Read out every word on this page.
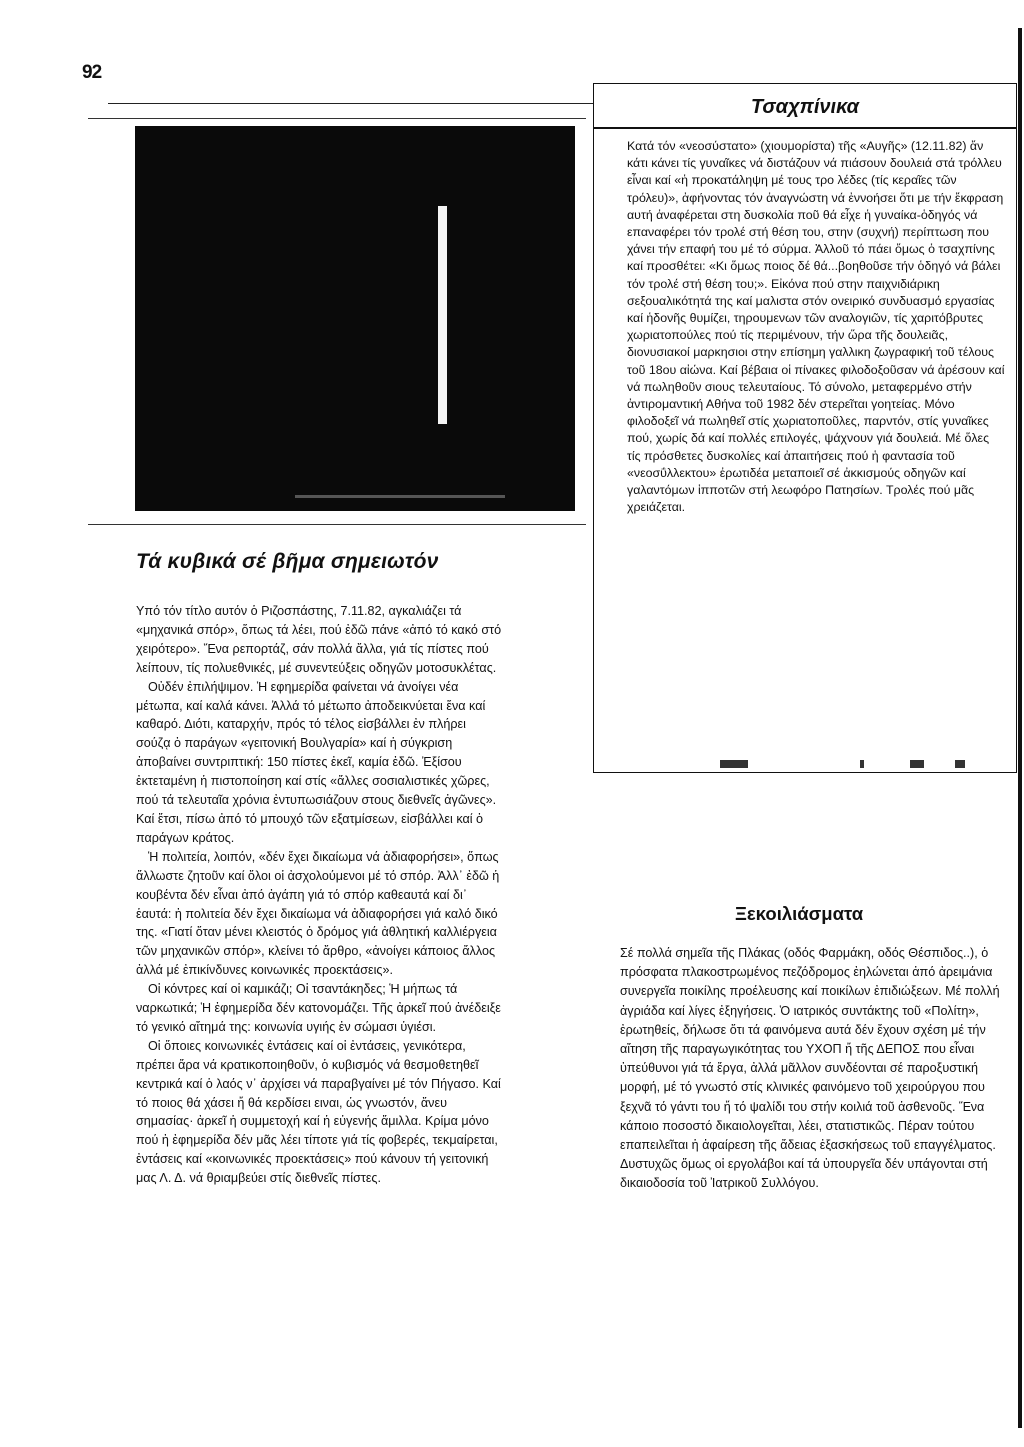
92
Τά κυβικά σέ βῆμα σημειωτόν

Υπό τόν τίτλο αυτόν ὁ Ριζοσπάστης, 7.11.82, αγκαλιάζει τά «μηχανικά σπόρ», ὅπως τά λέει, πού ἐδῶ πάνε «ἀπό τό κακό στό χειρότερο». Ἕνα ρεπορτάζ, σάν πολλά ἄλλα, γιά τίς πίστες πού λείπουν, τίς πολυεθνικές, μέ συνεντεύξεις οδηγῶν μοτοσυκλέτας.

Οὐδέν ἐπιλήψιμον. Ἡ εφημερίδα φαίνεται νά ἀνοίγει νέα μέτωπα, καί καλά κάνει. Ἀλλά τό μέτωπο ἀποδεικνύεται ἕνα καί καθαρό. Διότι, καταρχήν, πρός τό τέλος εἰσβάλλει ἐν πλήρει σούζᾳ ὁ παράγων «γειτονική Βουλγαρία» καί ἡ σύγκριση ἀποβαίνει συντριπτική: 150 πίστες ἐκεῖ, καμία ἐδῶ. Ἐξίσου ἐκτεταμένη ἡ πιστοποίηση καί στίς «ἄλλες σοσιαλιστικές χῶρες, πού τά τελευταῖα χρόνια ἐντυπωσιάζουν στους διεθνεῖς ἀγῶνες». Καί ἔτσι, πίσω ἀπό τό μπουχό τῶν εξατμίσεων, εἰσβάλλει καί ὁ παράγων κράτος.

Ἡ πολιτεία, λοιπόν, «δέν ἔχει δικαίωμα νά ἀδιαφορήσει», ὅπως ἄλλωστε ζητοῦν καί ὅλοι οἱ ἀσχολούμενοι μέ τό σπόρ. Ἀλλ᾽ ἐδῶ ἡ κουβέντα δέν εἶναι ἀπό ἀγάπη γιά τό σπόρ καθεαυτά καί δι᾽ ἑαυτά: ἡ πολιτεία δέν ἔχει δικαίωμα νά ἀδιαφορήσει γιά καλό δικό της. «Γιατί ὅταν μένει κλειστός ὁ δρόμος γιά ἀθλητική καλλιέργεια τῶν μηχανικῶν σπόρ», κλείνει τό ἄρθρο, «ἀνοίγει κάποιος ἄλλος ἀλλά μέ ἐπικίνδυνες κοινωνικές προεκτάσεις».

Οἱ κόντρες καί οἱ καμικάζι; Οἱ τσαντάκηδες; Ἡ μήπως τά ναρκωτικά; Ἡ ἐφημερίδα δέν κατονομάζει. Τῆς ἀρκεῖ πού ἀνέδειξε τό γενικό αἴτημά της: κοινωνία υγιής ἐν σώμασι ὑγιέσι.

Οἱ ὅποιες κοινωνικές ἐντάσεις καί οἱ ἐντάσεις, γενικότερα, πρέπει ἄρα νά κρατικοποιηθοῦν, ὁ κυβισμός νά θεσμοθετηθεῖ κεντρικά καί ὁ λαός ν᾽ ἀρχίσει νά παραβγαίνει μέ τόν Πήγασο. Καί τό ποιος θά χάσει ἤ θά κερδίσει ειναι, ὡς γνωστόν, ἄνευ σημασίας· ἀρκεῖ ἡ συμμετοχή καί ἡ εὐγενής ἅμιλλα. Κρίμα μόνο πού ἡ ἐφημερίδα δέν μᾶς λέει τίποτε γιά τίς φοβερές, τεκμαίρεται, ἐντάσεις καί «κοινωνικές προεκτάσεις» πού κάνουν τή γειτονική μας Λ. Δ. νά θριαμβεύει στίς διεθνεῖς πίστες.

Τσαχπίνικα

Κατά τόν «νεοσύστατο» (χιουμορίστα) τῆς «Αυγῆς» (12.11.82) ἄν κάτι κάνει τίς γυναῖκες νά διστάζουν νά πιάσουν δουλειά στά τρόλλευ εἶναι καί «ἡ προκατάληψη μέ τους τρο λέδες (τίς κεραῖες τῶν τρόλευ)», ἀφήνοντας τόν ἀναγνώστη νά ἐννοήσει ὅτι με τήν ἔκφραση αυτή ἀναφέρεται στη δυσκολία ποῦ θά εἶχε ἡ γυναίκα-ὁδηγός νά επαναφέρει τόν τρολέ στή θέση του, στην (συχνή) περίπτωση που χάνει τήν επαφή του μέ τό σύρμα. Ἀλλοῦ τό πάει ὅμως ὁ τσαχπίνης καί προσθέτει: «Κι ὅμως ποιος δέ θά...βοηθοῦσε τήν ὁδηγό νά βάλει τόν τρολέ στή θέση του;». Εἰκόνα πού στην παιχνιδιάρικη σεξουαλικότητά της καί μαλιστα στόν ονειρικό συνδυασμό εργασίας καί ἡδονῆς θυμίζει, τηρουμενων τῶν αναλογιῶν, τίς χαριτόβρυτες χωριατοπούλες πού τίς περιμένουν, τήν ὥρα τῆς δουλειᾶς, διονυσιακοί μαρκησιοι στην επίσημη γαλλικη ζωγραφική τοῦ τέλους τοῦ 18ου αἰώνα. Καί βέβαια οἱ πίνακες φιλοδοξοῦσαν νά ἀρέσουν καί νά πωληθοῦν σιους τελευταίους. Τό σύνολο, μεταφερμένο στήν ἀντιρομαντική Αθήνα τοῦ 1982 δέν στερεῖται γοητείας. Μόνο φιλοδοξεῖ νά πωληθεῖ στίς χωριατοποῦλες, παρντόν, στίς γυναῖκες πού, χωρίς δά καί πολλές επιλογές, ψάχνουν γιά δουλειά. Μέ ὅλες τίς πρόσθετες δυσκολίες καί ἀπαιτήσεις πού ἡ φαντασία τοῦ «νεοσΰλλεκτου» ἐρωτιδέα μεταποιεῖ σέ ἀκκισμούς οδηγῶν καί γαλαντόμων ἱπποτῶν στή λεωφόρο Πατησίων. Τρολές πού μᾶς χρειάζεται.

Ξεκοιλιάσματα

Σέ πολλά σημεῖα τῆς Πλάκας (οδός Φαρμάκη, οδός Θέσπιδος..), ὁ πρόσφατα πλακοστρωμένος πεζόδρομος ἐηλώνεται ἀπό ἀρειμάνια συνεργεῖα ποικίλης προέλευσης καί ποικίλων ἐπιδιώξεων. Μέ πολλή ἀγριάδα καί λίγες ἐξηγήσεις. Ὁ ιατρικός συντάκτης τοῦ «Πολίτη», ἐρωτηθείς, δήλωσε ὅτι τά φαινόμενα αυτά δέν ἔχουν σχέση μέ τήν αἴτηση τῆς παραγωγικότητας του ΥΧΟΠ ἤ τῆς ΔΕΠΟΣ που εἶναι ὑπεύθυνοι γιά τά ἔργα, ἀλλά μᾶλλον συνδέονται σέ παροξυστική μορφή, μέ τό γνωστό στίς κλινικές φαινόμενο τοῦ χειρούργου που ξεχνᾶ τό γάντι του ἤ τό ψαλίδι του στήν κοιλιά τοῦ ἀσθενοῦς. Ἕνα κάποιο ποσοστό δικαιολογεῖται, λέει, στατιστικῶς. Πέραν τούτου επαπειλεῖται ἡ ἀφαίρεση τῆς ἄδειας ἐξασκήσεως τοῦ επαγγέλματος. Δυστυχῶς ὅμως οἱ εργολάβοι καί τά ὑπουργεῖα δέν υπάγονται στή δικαιοδοσία τοῦ Ἰατρικοῦ Συλλόγου.
